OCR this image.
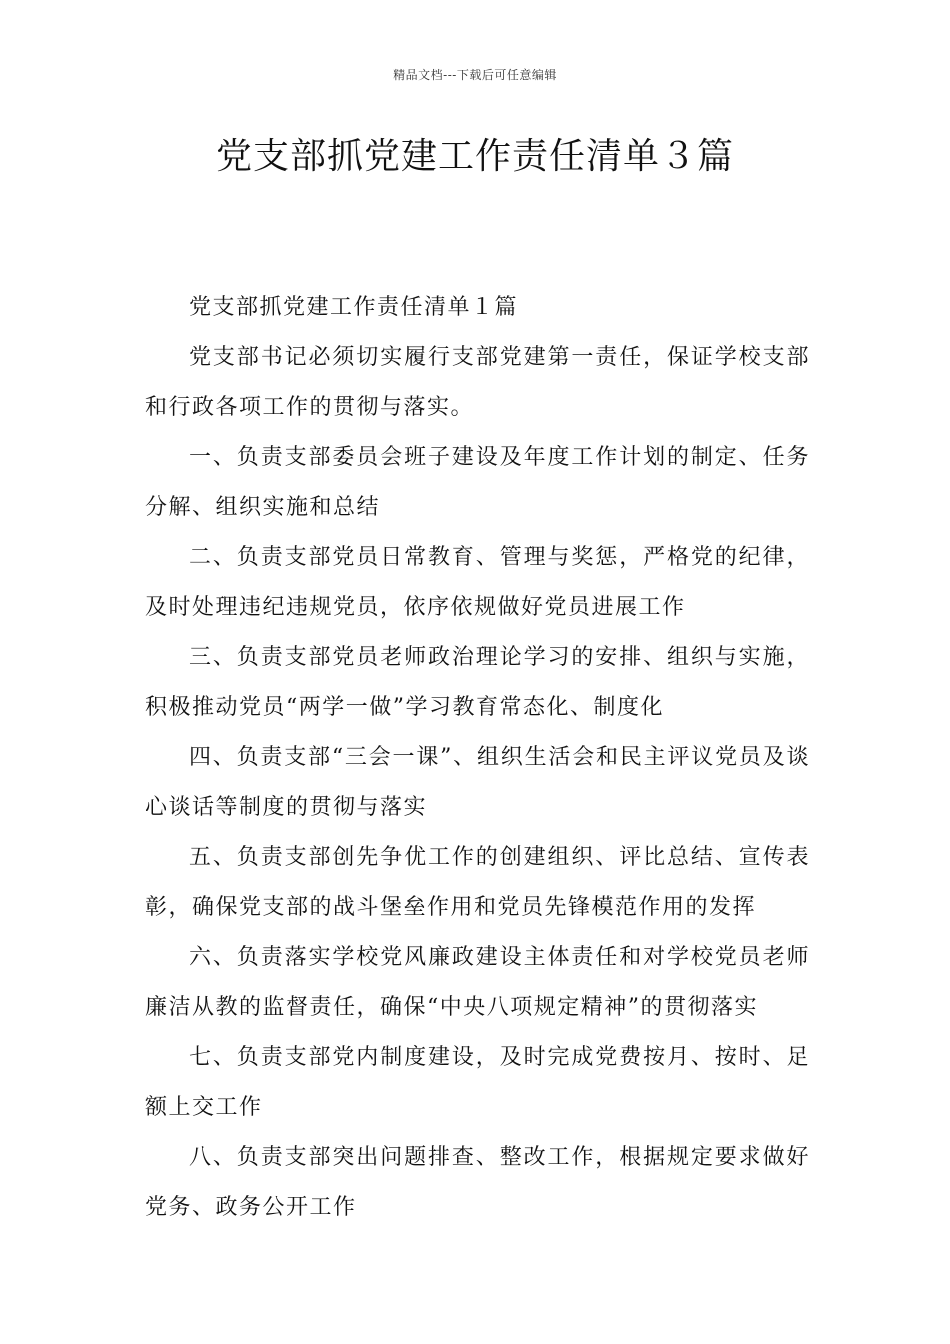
精品文档---下载后可任意编辑
党支部抓党建工作责任清单３篇

党支部抓党建工作责任清单１篇

党支部书记必须切实履行支部党建第一责任，保证学校支部和行政各项工作的贯彻与落实。

一、负责支部委员会班子建设及年度工作计划的制定、任务分解、组织实施和总结

二、负责支部党员日常教育、管理与奖惩，严格党的纪律，及时处理违纪违规党员，依序依规做好党员进展工作

三、负责支部党员老师政治理论学习的安排、组织与实施，积极推动党员“两学一做”学习教育常态化、制度化

四、负责支部“三会一课”、组织生活会和民主评议党员及谈心谈话等制度的贯彻与落实

五、负责支部创先争优工作的创建组织、评比总结、宣传表彰，确保党支部的战斗堡垒作用和党员先锋模范作用的发挥

六、负责落实学校党风廉政建设主体责任和对学校党员老师廉洁从教的监督责任，确保“中央八项规定精神”的贯彻落实

七、负责支部党内制度建设，及时完成党费按月、按时、足额上交工作

八、负责支部突出问题排查、整改工作，根据规定要求做好党务、政务公开工作
